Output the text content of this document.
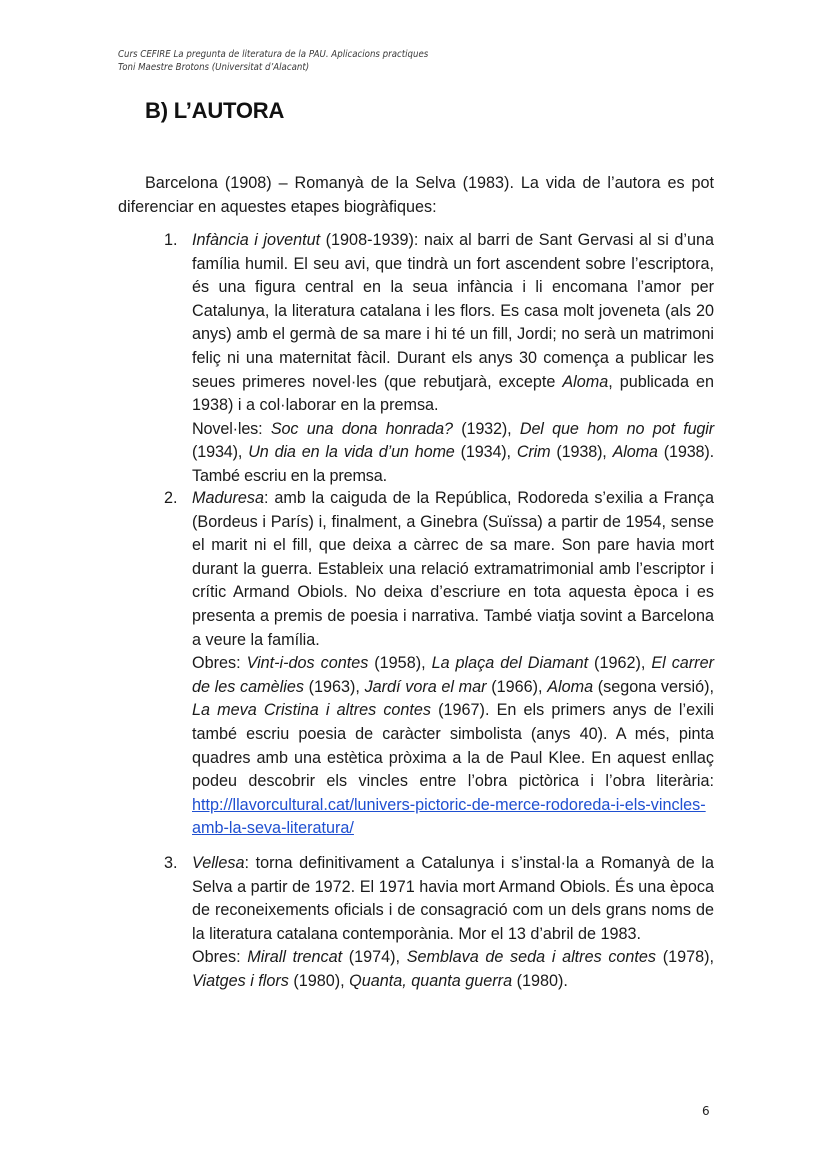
Curs CEFIRE La pregunta de literatura de la PAU. Aplicacions practiques
Toni Maestre Brotons (Universitat d’Alacant)
B) L’AUTORA
Barcelona (1908) – Romanyà de la Selva (1983). La vida de l’autora es pot diferenciar en aquestes etapes biogràfiques:
1. Infància i joventut (1908-1939): naix al barri de Sant Gervasi al si d’una família humil. El seu avi, que tindrà un fort ascendent sobre l’escriptora, és una figura central en la seua infància i li encomana l’amor per Catalunya, la literatura catalana i les flors. Es casa molt joveneta (als 20 anys) amb el germà de sa mare i hi té un fill, Jordi; no serà un matrimoni feliç ni una maternitat fàcil. Durant els anys 30 comença a publicar les seues primeres novel·les (que rebutjarà, excepte Aloma, publicada en 1938) i a col·laborar en la premsa.

Novel·les: Soc una dona honrada? (1932), Del que hom no pot fugir (1934), Un dia en la vida d’un home (1934), Crim (1938), Aloma (1938). També escriu en la premsa.

2. Maduresa: amb la caiguda de la República, Rodoreda s’exilia a França (Bordeus i París) i, finalment, a Ginebra (Suïssa) a partir de 1954, sense el marit ni el fill, que deixa a càrrec de sa mare. Son pare havia mort durant la guerra. Estableix una relació extramatrimonial amb l’escriptor i crític Armand Obiols. No deixa d’escriure en tota aquesta època i es presenta a premis de poesia i narrativa. També viatja sovint a Barcelona a veure la família.

Obres: Vint-i-dos contes (1958), La plaça del Diamant (1962), El carrer de les camèlies (1963), Jardí vora el mar (1966), Aloma (segona versió), La meva Cristina i altres contes (1967). En els primers anys de l’exili també escriu poesia de caràcter simbolista (anys 40). A més, pinta quadres amb una estètica pròxima a la de Paul Klee. En aquest enllaç podeu descobrir els vincles entre l’obra pictòrica i l’obra literària: http://llavorcultural.cat/lunivers-pictoric-de-merce-rodoreda-i-els-vincles-amb-la-seva-literatura/

3. Vellesa: torna definitivament a Catalunya i s’instal·la a Romanyà de la Selva a partir de 1972. El 1971 havia mort Armand Obiols. És una època de reconeixements oficials i de consagració com un dels grans noms de la literatura catalana contemporània. Mor el 13 d’abril de 1983.

Obres: Mirall trencat (1974), Semblava de seda i altres contes (1978), Viatges i flors (1980), Quanta, quanta guerra (1980).

6
